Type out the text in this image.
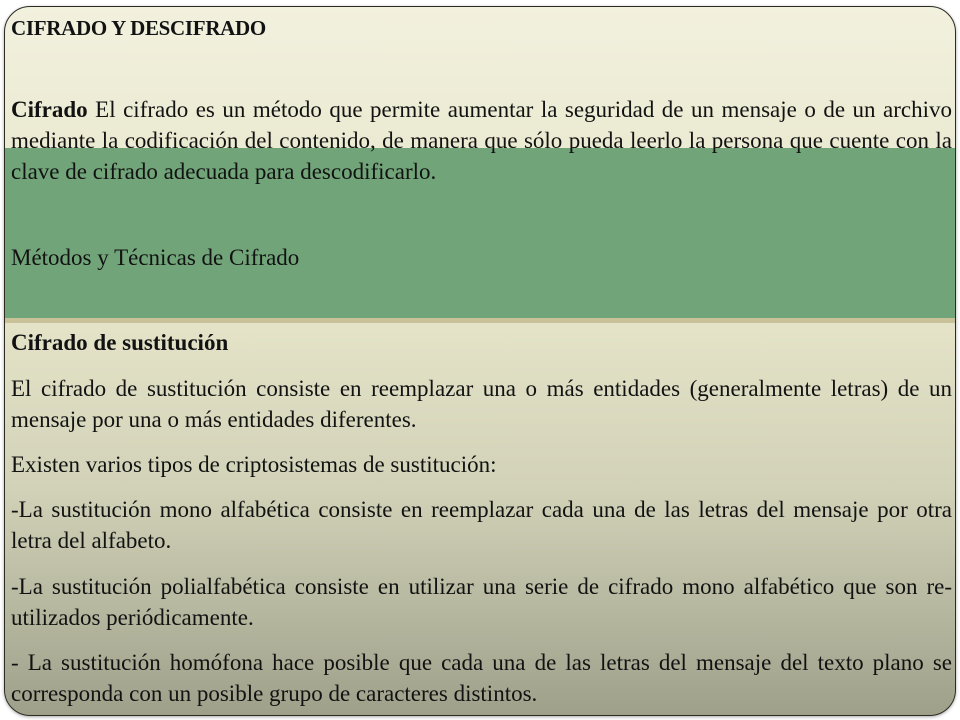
CIFRADO Y DESCIFRADO

Cifrado El cifrado es un método que permite aumentar la seguridad de un mensaje o de un archivo mediante la codificación del contenido, de manera que sólo pueda leerlo la persona que cuente con la clave de cifrado adecuada para descodificarlo.

Métodos y Técnicas de Cifrado

Cifrado de sustitución

El cifrado de sustitución consiste en reemplazar una o más entidades (generalmente letras) de un mensaje por una o más entidades diferentes.

Existen varios tipos de criptosistemas de sustitución:

-La sustitución mono alfabética consiste en reemplazar cada una de las letras del mensaje por otra letra del alfabeto.

-La sustitución polialfabética consiste en utilizar una serie de cifrado mono alfabético que son re-utilizados periódicamente.

- La sustitución homófona hace posible que cada una de las letras del mensaje del texto plano se corresponda con un posible grupo de caracteres distintos.
